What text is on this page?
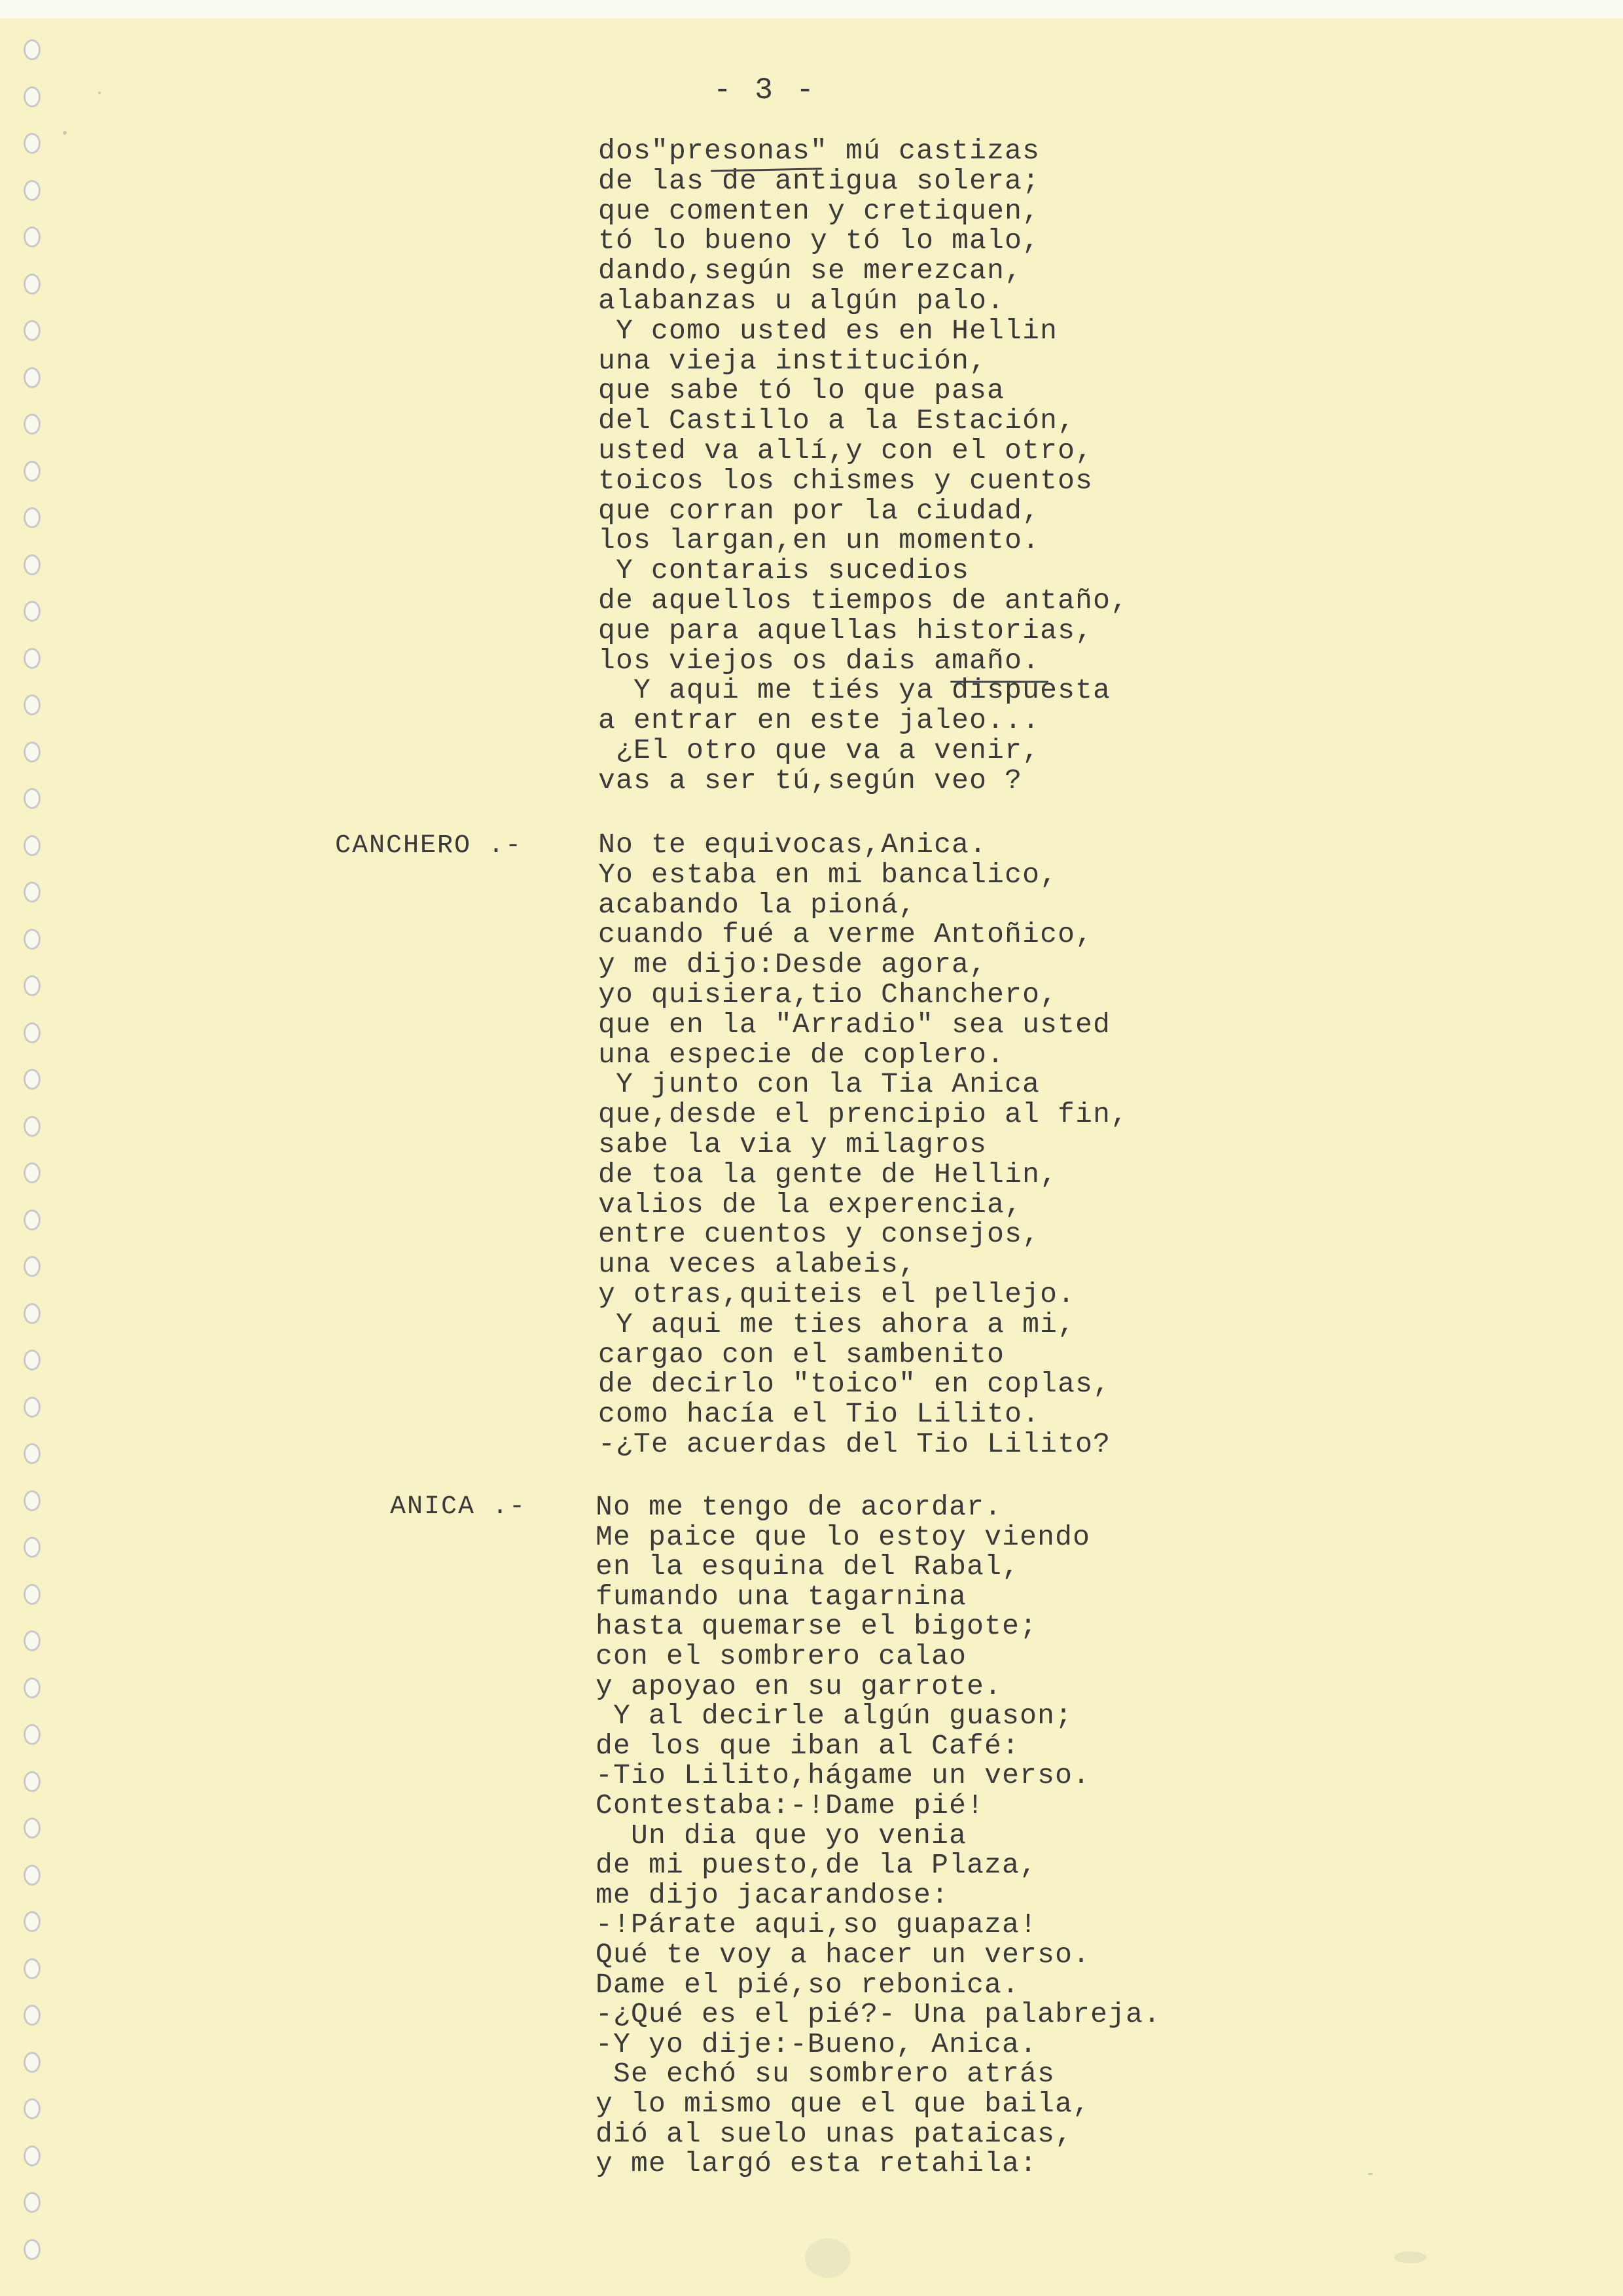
- 3 -
dos"presonas" mú castizas
de las de antigua solera;
que comenten y cretiquen,
tó lo bueno y tó lo malo,
dando,según se merezcan,
alabanzas u algún palo.
Y como usted es en Hellin
una vieja institución,
que sabe tó lo que pasa
del Castillo a la Estación,
usted va allí,y con el otro,
toicos los chismes y cuentos
que corran por la ciudad,
los largan,en un momento.
Y contarais sucedios
de aquellos tiempos de antaño,
que para aquellas historias,
los viejos os dais amaño.
Y aqui me tiés ya dispuesta
a entrar en este jaleo...
¿El otro que va a venir,
vas a ser tú,según veo ?
CANCHERO .-	No te equivocas,Anica.
Yo estaba en mi bancalico,
acabando la pioná,
cuando fué a verme Antoñico,
y me dijo:Desde agora,
yo quisiera,tio Chanchero,
que en la "Arradio" sea usted
una especie de coplero.
Y junto con la Tia Anica
que,desde el prencipio al fin,
sabe la via y milagros
de toa la gente de Hellin,
valios de la experencia,
entre cuentos y consejos,
una veces alabeis,
y otras,quiteis el pellejo.
Y aqui me ties ahora a mi,
cargao con el sambenito
de decirlo "toico" en coplas,
como hacía el Tio Lilito.
-¿Te acuerdas del Tio Lilito?
ANICA .- No me tengo de acordar.
Me paice que lo estoy viendo
en la esquina del Rabal,
fumando una tagarnina
hasta quemarse el bigote;
con el sombrero calao
y apoyao en su garrote.
Y al decirle algún guason;
de los que iban al Café:
-Tio Lilito,hágame un verso.
Contestaba:-!Dame pié!
Un dia que yo venia
de mi puesto,de la Plaza,
me dijo jacarandose:
-!Párate aqui,so guapaza!
Qué te voy a hacer un verso.
Dame el pié,so rebonica.
-¿Qué es el pié?- Una palabreja.
-Y yo dije:-Bueno, Anica.
Se echó su sombrero atrás
y lo mismo que el que baila,
dió al suelo unas pataicas,
y me largó esta retahila:
